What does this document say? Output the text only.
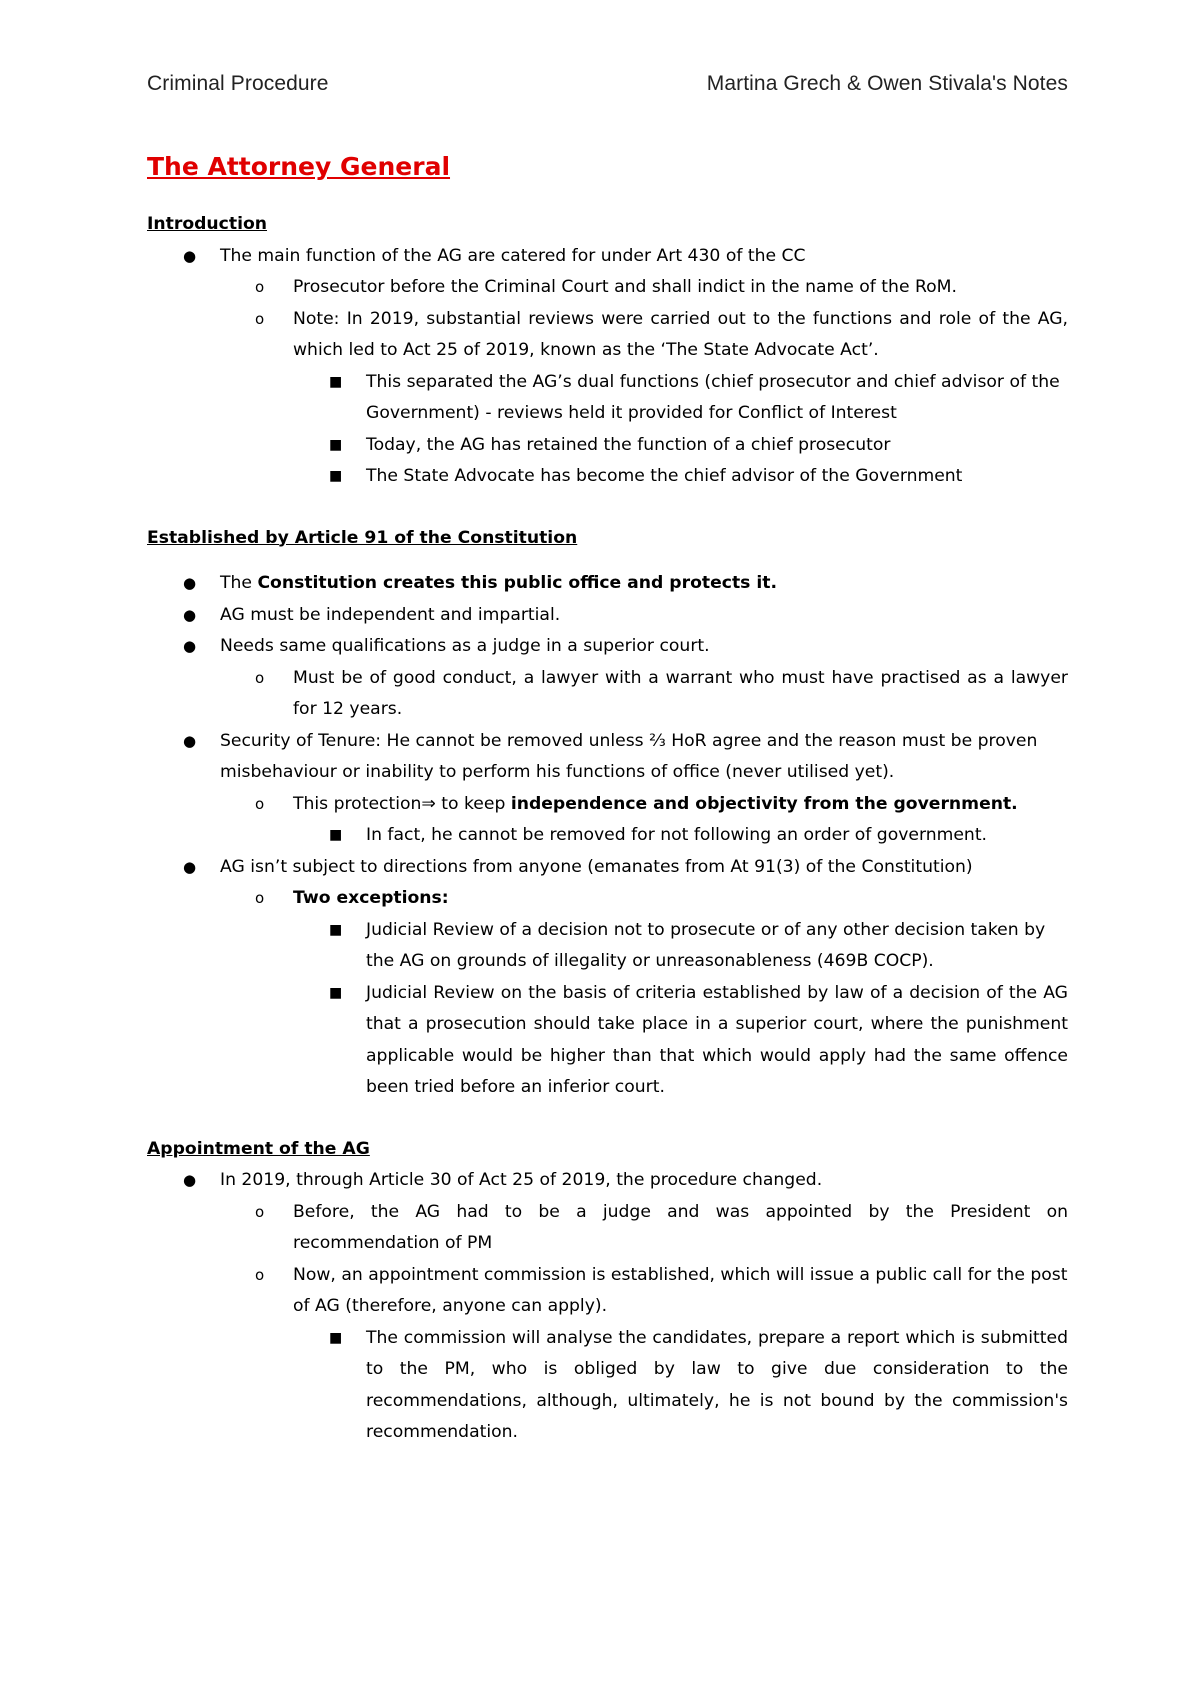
Criminal Procedure	Martina Grech & Owen Stivala's Notes
The Attorney General
Introduction
● The main function of the AG are catered for under Art 430 of the CC
o Prosecutor before the Criminal Court and shall indict in the name of the RoM.
o Note: In 2019, substantial reviews were carried out to the functions and role of the AG, which led to Act 25 of 2019, known as the ‘The State Advocate Act’.
■ This separated the AG’s dual functions (chief prosecutor and chief advisor of the Government) - reviews held it provided for Conflict of Interest
■ Today, the AG has retained the function of a chief prosecutor
■ The State Advocate has become the chief advisor of the Government
Established by Article 91 of the Constitution
● The Constitution creates this public office and protects it.
● AG must be independent and impartial.
● Needs same qualifications as a judge in a superior court.
o Must be of good conduct, a lawyer with a warrant who must have practised as a lawyer for 12 years.
● Security of Tenure: He cannot be removed unless ⅔ HoR agree and the reason must be proven misbehaviour or inability to perform his functions of office (never utilised yet).
o This protection⇒ to keep independence and objectivity from the government.
■ In fact, he cannot be removed for not following an order of government.
● AG isn’t subject to directions from anyone (emanates from At 91(3) of the Constitution)
o Two exceptions:
■ Judicial Review of a decision not to prosecute or of any other decision taken by the AG on grounds of illegality or unreasonableness (469B COCP).
■ Judicial Review on the basis of criteria established by law of a decision of the AG that a prosecution should take place in a superior court, where the punishment applicable would be higher than that which would apply had the same offence been tried before an inferior court.
Appointment of the AG
● In 2019, through Article 30 of Act 25 of 2019, the procedure changed.
o Before, the AG had to be a judge and was appointed by the President on recommendation of PM
o Now, an appointment commission is established, which will issue a public call for the post of AG (therefore, anyone can apply).
■ The commission will analyse the candidates, prepare a report which is submitted to the PM, who is obliged by law to give due consideration to the recommendations, although, ultimately, he is not bound by the commission's recommendation.
